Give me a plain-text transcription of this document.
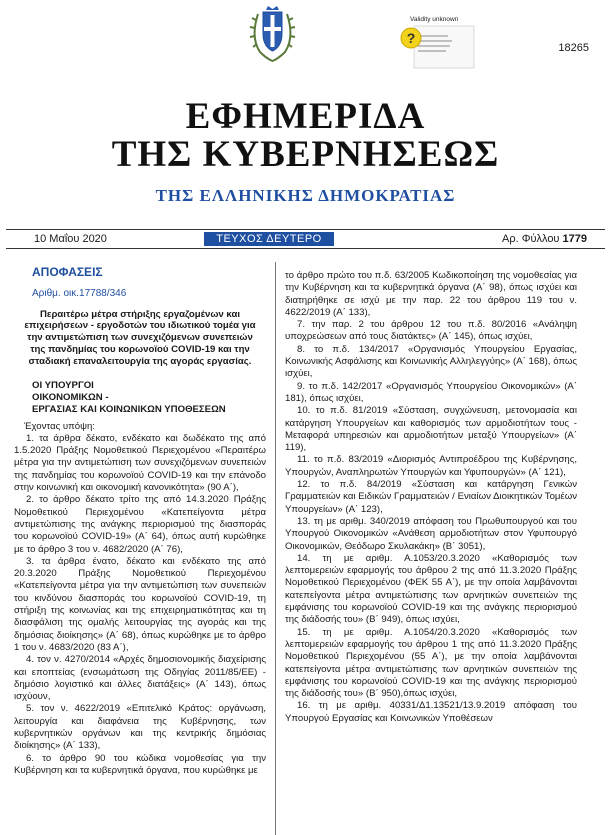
18265
?
Validity unknown
ΕΦΗΜΕΡΙΔΑ
ΤΗΣ ΚΥΒΕΡΝΗΣΕΩΣ
ΤΗΣ ΕΛΛΗΝΙΚΗΣ ΔΗΜΟΚΡΑΤΙΑΣ
10 Μαΐου 2020	ΤΕΥΧΟΣ ΔΕΥΤΕΡΟ	Αρ. Φύλλου 1779
ΑΠΟΦΑΣΕΙΣ
Αριθμ. οικ.17788/346
Περαιτέρω μέτρα στήριξης εργαζομένων και επιχειρήσεων - εργοδοτών του ιδιωτικού τομέα για την αντιμετώπιση των συνεχιζόμενων συνεπειών της πανδημίας του κορωνοϊού COVID-19 και την σταδιακή επαναλειτουργία της αγοράς εργασίας.
ΟΙ ΥΠΟΥΡΓΟΙ
ΟΙΚΟΝΟΜΙΚΩΝ -
ΕΡΓΑΣΙΑΣ ΚΑΙ ΚΟΙΝΩΝΙΚΩΝ ΥΠΟΘΕΣΕΩΝ

Έχοντας υπόψη:

1. τα άρθρα δέκατο, ενδέκατο και δωδέκατο της από 1.5.2020 Πράξης Νομοθετικού Περιεχομένου «Περαιτέρω μέτρα για την αντιμετώπιση των συνεχιζόμενων συνεπειών της πανδημίας του κορωνοϊού COVID-19 και την επάνοδο στην κοινωνική και οικονομική κανονικότητα» (90 Α΄),

2. το άρθρο δέκατο τρίτο της από 14.3.2020 Πράξης Νομοθετικού Περιεχομένου «Κατεπείγοντα μέτρα αντιμετώπισης της ανάγκης περιορισμού της διασποράς του κορωνοϊού COVID-19» (Α΄ 64), όπως αυτή κυρώθηκε με το άρθρο 3 του ν. 4682/2020 (Α΄ 76),

3. τα άρθρα ένατο, δέκατο και ενδέκατο της από 20.3.2020 Πράξης Νομοθετικού Περιεχομένου «Κατεπείγοντα μέτρα για την αντιμετώπιση των συνεπειών του κινδύνου διασποράς του κορωνοϊού COVID-19, τη στήριξη της κοινωνίας και της επιχειρηματικότητας και τη διασφάλιση της ομαλής λειτουργίας της αγοράς και της δημόσιας διοίκησης» (Α΄ 68), όπως κυρώθηκε με το άρθρο 1 του ν. 4683/2020 (83 Α΄),

4. τον ν. 4270/2014 «Αρχές δημοσιονομικής διαχείρισης και εποπτείας (ενσωμάτωση της Οδηγίας 2011/85/ΕΕ) - δημόσιο λογιστικό και άλλες διατάξεις» (Α΄ 143), όπως ισχύουν,

5. τον ν. 4622/2019 «Επιτελικό Κράτος: οργάνωση, λειτουργία και διαφάνεια της Κυβέρνησης, των κυβερνητικών οργάνων και της κεντρικής δημόσιας διοίκησης» (Α΄ 133),

6. το άρθρο 90 του κώδικα νομοθεσίας για την Κυβέρνηση και τα κυβερνητικά όργανα, που κυρώθηκε με

το άρθρο πρώτο του π.δ. 63/2005 Κωδικοποίηση της νομοθεσίας για την Κυβέρνηση και τα κυβερνητικά όργανα (Α΄ 98), όπως ισχύει και διατηρήθηκε σε ισχύ με την παρ. 22 του άρθρου 119 του ν. 4622/2019 (Α΄ 133),

7. την παρ. 2 του άρθρου 12 του π.δ. 80/2016 «Ανάληψη υποχρεώσεων από τους διατάκτες» (Α΄ 145), όπως ισχύει,

8. το π.δ. 134/2017 «Οργανισμός Υπουργείου Εργασίας, Κοινωνικής Ασφάλισης και Κοινωνικής Αλληλεγγύης» (Α΄ 168), όπως ισχύει,

9. το π.δ. 142/2017 «Οργανισμός Υπουργείου Οικονομικών» (Α΄ 181), όπως ισχύει,

10. το π.δ. 81/2019 «Σύσταση, συγχώνευση, μετονομασία και κατάργηση Υπουργείων και καθορισμός των αρμοδιοτήτων τους - Μεταφορά υπηρεσιών και αρμοδιοτήτων μεταξύ Υπουργείων» (Α΄ 119),

11. το π.δ. 83/2019 «Διορισμός Αντιπροέδρου της Κυβέρνησης, Υπουργών, Αναπληρωτών Υπουργών και Υφυπουργών» (Α΄ 121),

12. το π.δ. 84/2019 «Σύσταση και κατάργηση Γενικών Γραμματειών και Ειδικών Γραμματειών / Ενιαίων Διοικητικών Τομέων Υπουργείων» (Α΄ 123),

13. τη με αριθμ. 340/2019 απόφαση του Πρωθυπουργού και του Υπουργού Οικονομικών «Ανάθεση αρμοδιοτήτων στον Υφυπουργό Οικονομικών, Θεόδωρο Σκυλακάκη» (Β΄ 3051),

14. τη με αριθμ. Α.1053/20.3.2020 «Καθορισμός των λεπτομερειών εφαρμογής του άρθρου 2 της από 11.3.2020 Πράξης Νομοθετικού Περιεχομένου (ΦΕΚ 55 Α΄), με την οποία λαμβάνονται κατεπείγοντα μέτρα αντιμετώπισης των αρνητικών συνεπειών της εμφάνισης του κορωνοϊού COVID-19 και της ανάγκης περιορισμού της διάδοσής του» (Β΄ 949), όπως ισχύει,

15. τη με αριθμ. Α.1054/20.3.2020 «Καθορισμός των λεπτομερειών εφαρμογής του άρθρου 1 της από 11.3.2020 Πράξης Νομοθετικού Περιεχομένου (55 Α΄), με την οποία λαμβάνονται κατεπείγοντα μέτρα αντιμετώπισης των αρνητικών συνεπειών της εμφάνισης του κορωνοϊού COVID-19 και της ανάγκης περιορισμού της διάδοσής του» (Β΄ 950),όπως ισχύει,

16. τη με αριθμ. 40331/Δ1.13521/13.9.2019 απόφαση του Υπουργού Εργασίας και Κοινωνικών Υποθέσεων
